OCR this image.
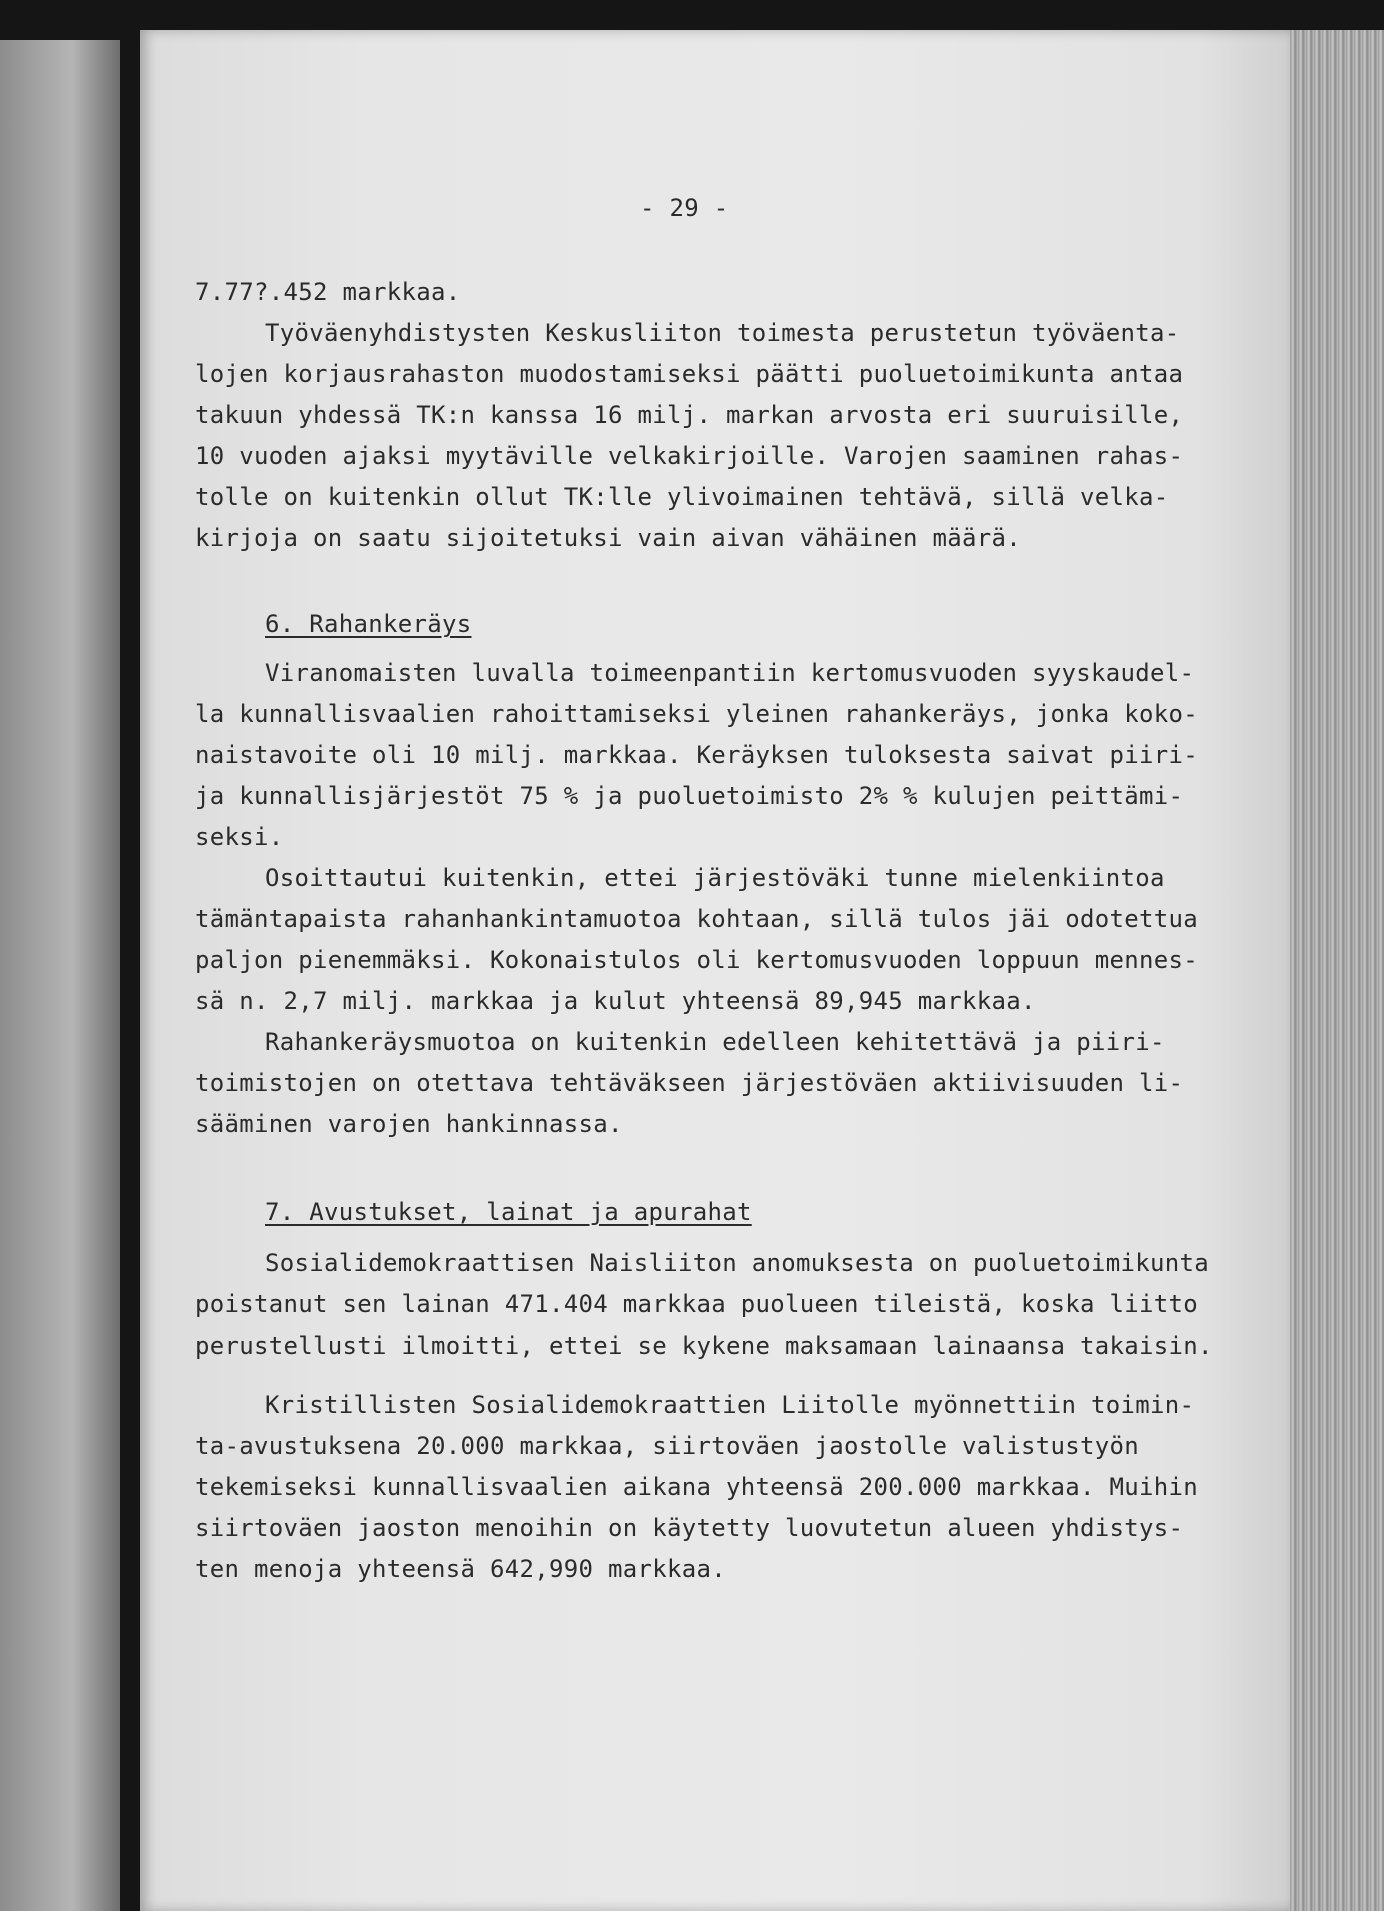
- 29 -
7.77?.452 markkaa.
Työväenyhdistysten Keskusliiton toimesta perustetun työväenta-
lojen korjausrahaston muodostamiseksi päätti puoluetoimikunta antaa
takuun yhdessä TK:n kanssa 16 milj. markan arvosta eri suuruisille,
10 vuoden ajaksi myytäville velkakirjoille. Varojen saaminen rahas-
tolle on kuitenkin ollut TK:lle ylivoimainen tehtävä, sillä velka-
kirjoja on saatu sijoitetuksi vain aivan vähäinen määrä.
6. Rahankeräys
Viranomaisten luvalla toimeenpantiin kertomusvuoden syyskaudel-
la kunnallisvaalien rahoittamiseksi yleinen rahankeräys, jonka koko-
naistavoite oli 10 milj. markkaa. Keräyksen tuloksesta saivat piiri-
ja kunnallisjärjestöt 75 % ja puoluetoimisto 2% % kulujen peittämi-
seksi.
Osoittautui kuitenkin, ettei järjestöväki tunne mielenkiintoa
tämäntapaista rahanhankintamuotoa kohtaan, sillä tulos jäi odotettua
paljon pienemmäksi. Kokonaistulos oli kertomusvuoden loppuun mennes-
sä n. 2,7 milj. markkaa ja kulut yhteensä 89,945 markkaa.
Rahankeräysmuotoa on kuitenkin edelleen kehitettävä ja piiri-
toimistojen on otettava tehtäväkseen järjestöväen aktiivisuuden li-
sääminen varojen hankinnassa.
7. Avustukset, lainat ja apurahat
Sosialidemokraattisen Naisliiton anomuksesta on puoluetoimikunta
poistanut sen lainan 471.404 markkaa puolueen tileistä, koska liitto
perustellusti ilmoitti, ettei se kykene maksamaan lainaansa takaisin.
Kristillisten Sosialidemokraattien Liitolle myönnettiin toimin-
ta-avustuksena 20.000 markkaa, siirtoväen jaostolle valistustyön
tekemiseksi kunnallisvaalien aikana yhteensä 200.000 markkaa. Muihin
siirtoväen jaoston menoihin on käytetty luovutetun alueen yhdistys-
ten menoja yhteensä 642,990 markkaa.
